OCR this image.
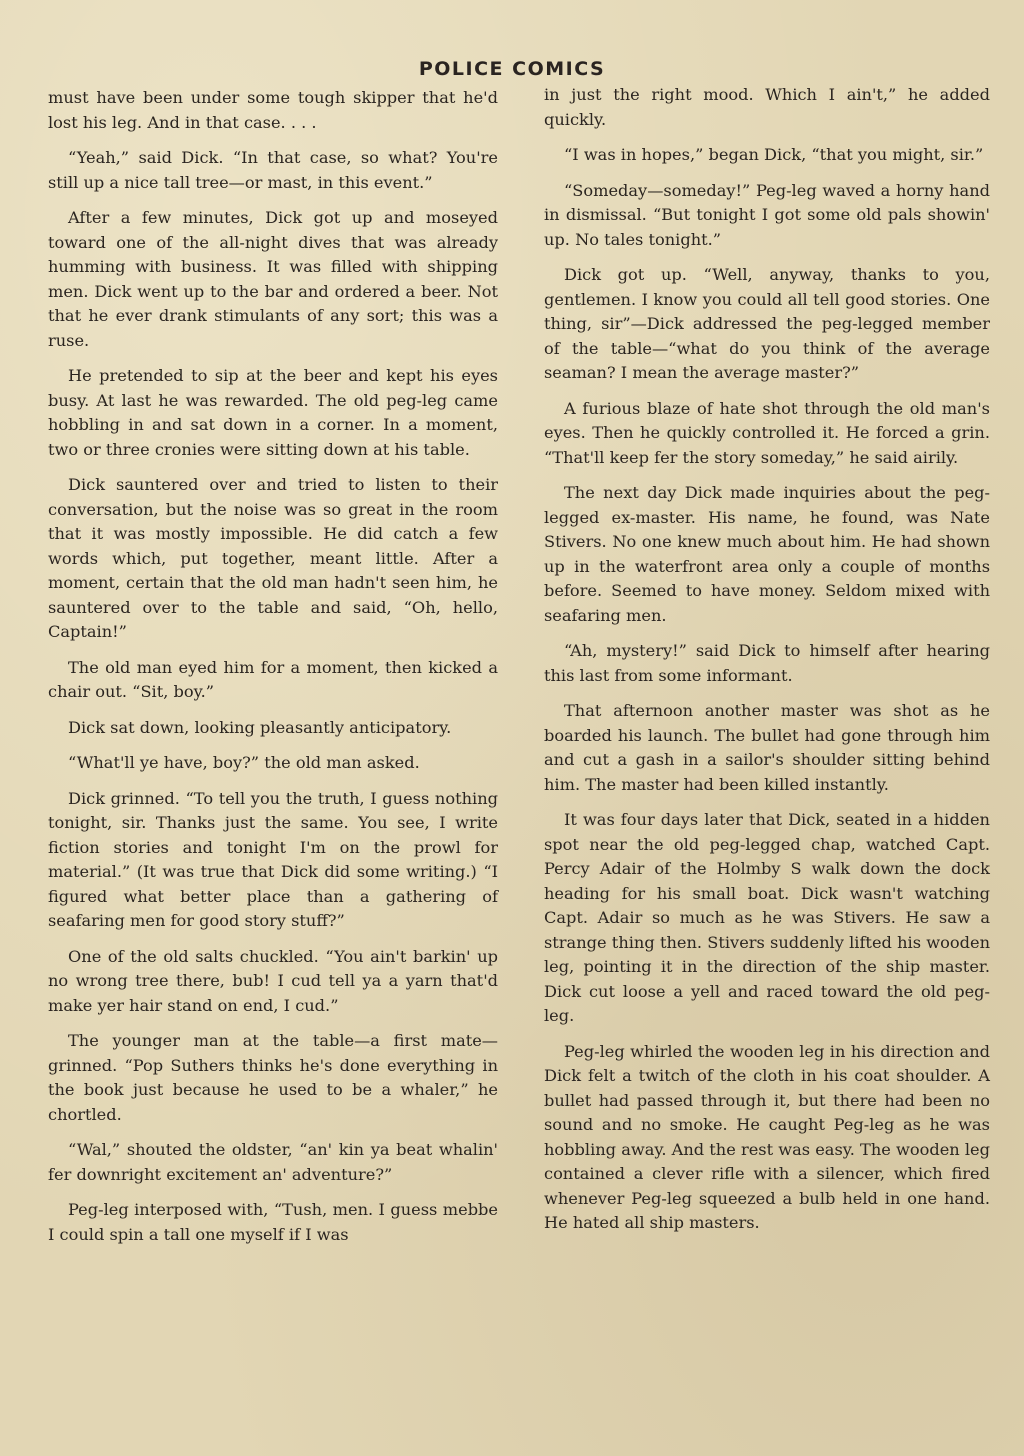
POLICE COMICS

must have been under some tough skipper that he'd lost his leg. And in that case. . . .

“Yeah,” said Dick. “In that case, so what? You're still up a nice tall tree—or mast, in this event.”

After a few minutes, Dick got up and moseyed toward one of the all-night dives that was already humming with business. It was filled with shipping men. Dick went up to the bar and ordered a beer. Not that he ever drank stimulants of any sort; this was a ruse.

He pretended to sip at the beer and kept his eyes busy. At last he was rewarded. The old peg-leg came hobbling in and sat down in a corner. In a moment, two or three cronies were sitting down at his table.

Dick sauntered over and tried to listen to their conversation, but the noise was so great in the room that it was mostly impossible. He did catch a few words which, put together, meant little. After a moment, certain that the old man hadn't seen him, he sauntered over to the table and said, “Oh, hello, Captain!”

The old man eyed him for a moment, then kicked a chair out. “Sit, boy.”

Dick sat down, looking pleasantly anticipatory.

“What'll ye have, boy?” the old man asked.

Dick grinned. “To tell you the truth, I guess nothing tonight, sir. Thanks just the same. You see, I write fiction stories and tonight I'm on the prowl for material.” (It was true that Dick did some writing.) “I figured what better place than a gathering of seafaring men for good story stuff?”

One of the old salts chuckled. “You ain't barkin' up no wrong tree there, bub! I cud tell ya a yarn that'd make yer hair stand on end, I cud.”

The younger man at the table—a first mate—grinned. “Pop Suthers thinks he's done everything in the book just because he used to be a whaler,” he chortled.

“Wal,” shouted the oldster, “an' kin ya beat whalin' fer downright excitement an' adventure?”

Peg-leg interposed with, “Tush, men. I guess mebbe I could spin a tall one myself if I was

in just the right mood. Which I ain't,” he added quickly.

“I was in hopes,” began Dick, “that you might, sir.”

“Someday—someday!” Peg-leg waved a horny hand in dismissal. “But tonight I got some old pals showin' up. No tales tonight.”

Dick got up. “Well, anyway, thanks to you, gentlemen. I know you could all tell good stories. One thing, sir”—Dick addressed the peg-legged member of the table—“what do you think of the average seaman? I mean the average master?”

A furious blaze of hate shot through the old man's eyes. Then he quickly controlled it. He forced a grin. “That'll keep fer the story someday,” he said airily.

The next day Dick made inquiries about the peg-legged ex-master. His name, he found, was Nate Stivers. No one knew much about him. He had shown up in the waterfront area only a couple of months before. Seemed to have money. Seldom mixed with seafaring men.

“Ah, mystery!” said Dick to himself after hearing this last from some informant.

That afternoon another master was shot as he boarded his launch. The bullet had gone through him and cut a gash in a sailor's shoulder sitting behind him. The master had been killed instantly.

It was four days later that Dick, seated in a hidden spot near the old peg-legged chap, watched Capt. Percy Adair of the Holmby S walk down the dock heading for his small boat. Dick wasn't watching Capt. Adair so much as he was Stivers. He saw a strange thing then. Stivers suddenly lifted his wooden leg, pointing it in the direction of the ship master. Dick cut loose a yell and raced toward the old peg-leg.

Peg-leg whirled the wooden leg in his direction and Dick felt a twitch of the cloth in his coat shoulder. A bullet had passed through it, but there had been no sound and no smoke. He caught Peg-leg as he was hobbling away. And the rest was easy. The wooden leg contained a clever rifle with a silencer, which fired whenever Peg-leg squeezed a bulb held in one hand. He hated all ship masters.
